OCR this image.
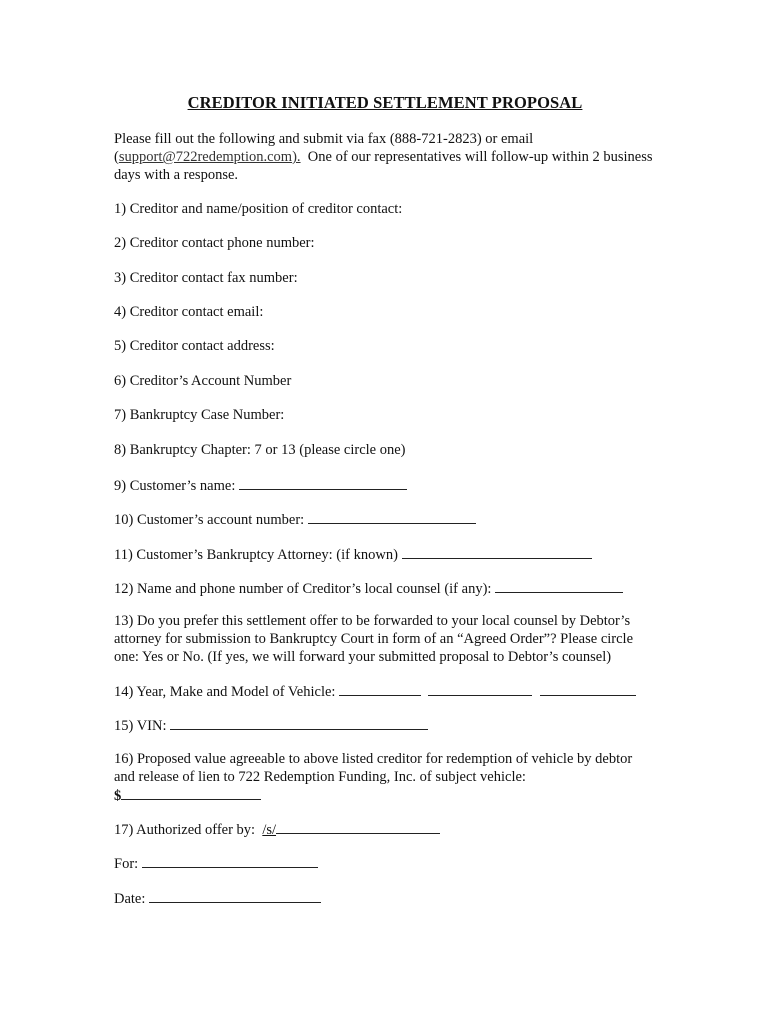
CREDITOR INITIATED SETTLEMENT PROPOSAL
Please fill out the following and submit via fax (888-721-2823) or email (support@722redemption.com). One of our representatives will follow-up within 2 business days with a response.
1) Creditor and name/position of creditor contact:
2) Creditor contact phone number:
3) Creditor contact fax number:
4) Creditor contact email:
5) Creditor contact address:
6) Creditor’s Account Number
7) Bankruptcy Case Number:
8) Bankruptcy Chapter: 7 or 13 (please circle one)
9) Customer’s name:
10) Customer’s account number:
11) Customer’s Bankruptcy Attorney: (if known)
12) Name and phone number of Creditor’s local counsel (if any):
13) Do you prefer this settlement offer to be forwarded to your local counsel by Debtor’s attorney for submission to Bankruptcy Court in form of an “Agreed Order”? Please circle one: Yes or No. (If yes, we will forward your submitted proposal to Debtor’s counsel)
14) Year, Make and Model of Vehicle:
15) VIN:
16) Proposed value agreeable to above listed creditor for redemption of vehicle by debtor and release of lien to 722 Redemption Funding, Inc. of subject vehicle:
$
17) Authorized offer by: /s/
For:
Date:
